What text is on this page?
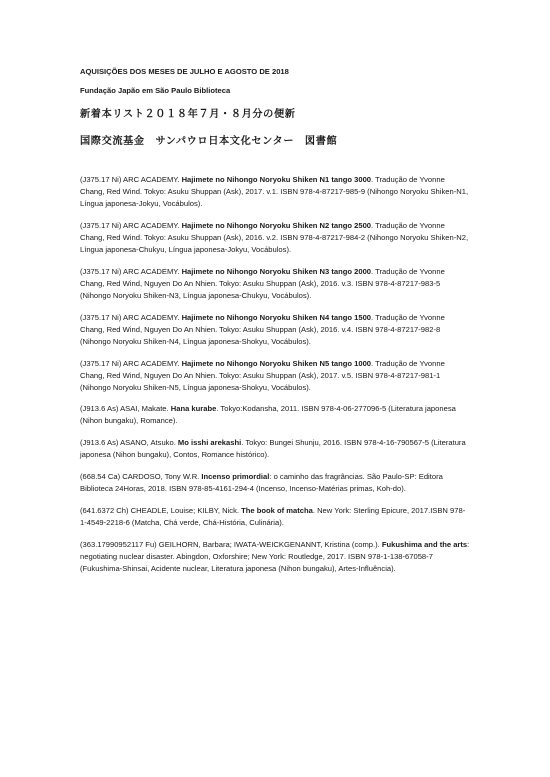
AQUISIÇÕES DOS MESES DE JULHO E AGOSTO DE 2018
Fundação Japão em São Paulo Biblioteca
新着本リスト２０１８年７月・８月分の便新
国際交流基金　サンパウロ日本文化センター　図書館

(J375.17 Ni) ARC ACADEMY. Hajimete no Nihongo Noryoku Shiken N1 tango 3000. Tradução de Yvonne Chang, Red Wind. Tokyo: Asuku Shuppan (Ask), 2017. v.1. ISBN 978-4-87217-985-9 (Nihongo Noryoku Shiken-N1, Língua japonesa-Jokyu, Vocábulos).

(J375.17 Ni) ARC ACADEMY. Hajimete no Nihongo Noryoku Shiken N2 tango 2500. Tradução de Yvonne Chang, Red Wind. Tokyo: Asuku Shuppan (Ask), 2016. v.2. ISBN 978-4-87217-984-2 (Nihongo Noryoku Shiken-N2, Língua japonesa-Chukyu, Língua japonesa-Jokyu, Vocábulos).

(J375.17 Ni) ARC ACADEMY. Hajimete no Nihongo Noryoku Shiken N3 tango 2000. Tradução de Yvonne Chang, Red Wind, Nguyen Do An Nhien. Tokyo: Asuku Shuppan (Ask), 2016. v.3. ISBN 978-4-87217-983-5 (Nihongo Noryoku Shiken-N3, Língua japonesa-Chukyu, Vocábulos).

(J375.17 Ni) ARC ACADEMY. Hajimete no Nihongo Noryoku Shiken N4 tango 1500. Tradução de Yvonne Chang, Red Wind, Nguyen Do An Nhien. Tokyo: Asuku Shuppan (Ask), 2016. v.4. ISBN 978-4-87217-982-8 (Nihongo Noryoku Shiken-N4, Língua japonesa-Shokyu, Vocábulos).

(J375.17 Ni) ARC ACADEMY. Hajimete no Nihongo Noryoku Shiken N5 tango 1000. Tradução de Yvonne Chang, Red Wind, Nguyen Do An Nhien. Tokyo: Asuku Shuppan (Ask), 2017. v.5. ISBN 978-4-87217-981-1 (Nihongo Noryoku Shiken-N5, Língua japonesa-Shokyu, Vocábulos).

(J913.6 As) ASAI, Makate. Hana kurabe. Tokyo:Kodansha, 2011. ISBN 978-4-06-277096-5 (Literatura japonesa (Nihon bungaku), Romance).

(J913.6 As) ASANO, Atsuko. Mo isshi arekashi. Tokyo: Bungei Shunju, 2016. ISBN 978-4-16-790567-5 (Literatura japonesa (Nihon bungaku), Contos, Romance histórico).

(668.54 Ca) CARDOSO, Tony W.R. Incenso primordial: o caminho das fragrâncias. São Paulo-SP: Editora Biblioteca 24Horas, 2018. ISBN 978-85-4161-294-4 (Incenso, Incenso-Matérias primas, Koh-do).

(641.6372 Ch) CHEADLE, Louise; KILBY, Nick. The book of matcha. New York: Sterling Epicure, 2017.ISBN 978-1-4549-2218-6 (Matcha, Chá verde, Chá-História, Culinária).

(363.17990952117 Fu) GEILHORN, Barbara; IWATA-WEICKGENANNT, Kristina (comp.). Fukushima and the arts: negotiating nuclear disaster. Abingdon, Oxforshire; New York: Routledge, 2017. ISBN 978-1-138-67058-7 (Fukushima-Shinsai, Acidente nuclear, Literatura japonesa (Nihon bungaku), Artes-Influência).
